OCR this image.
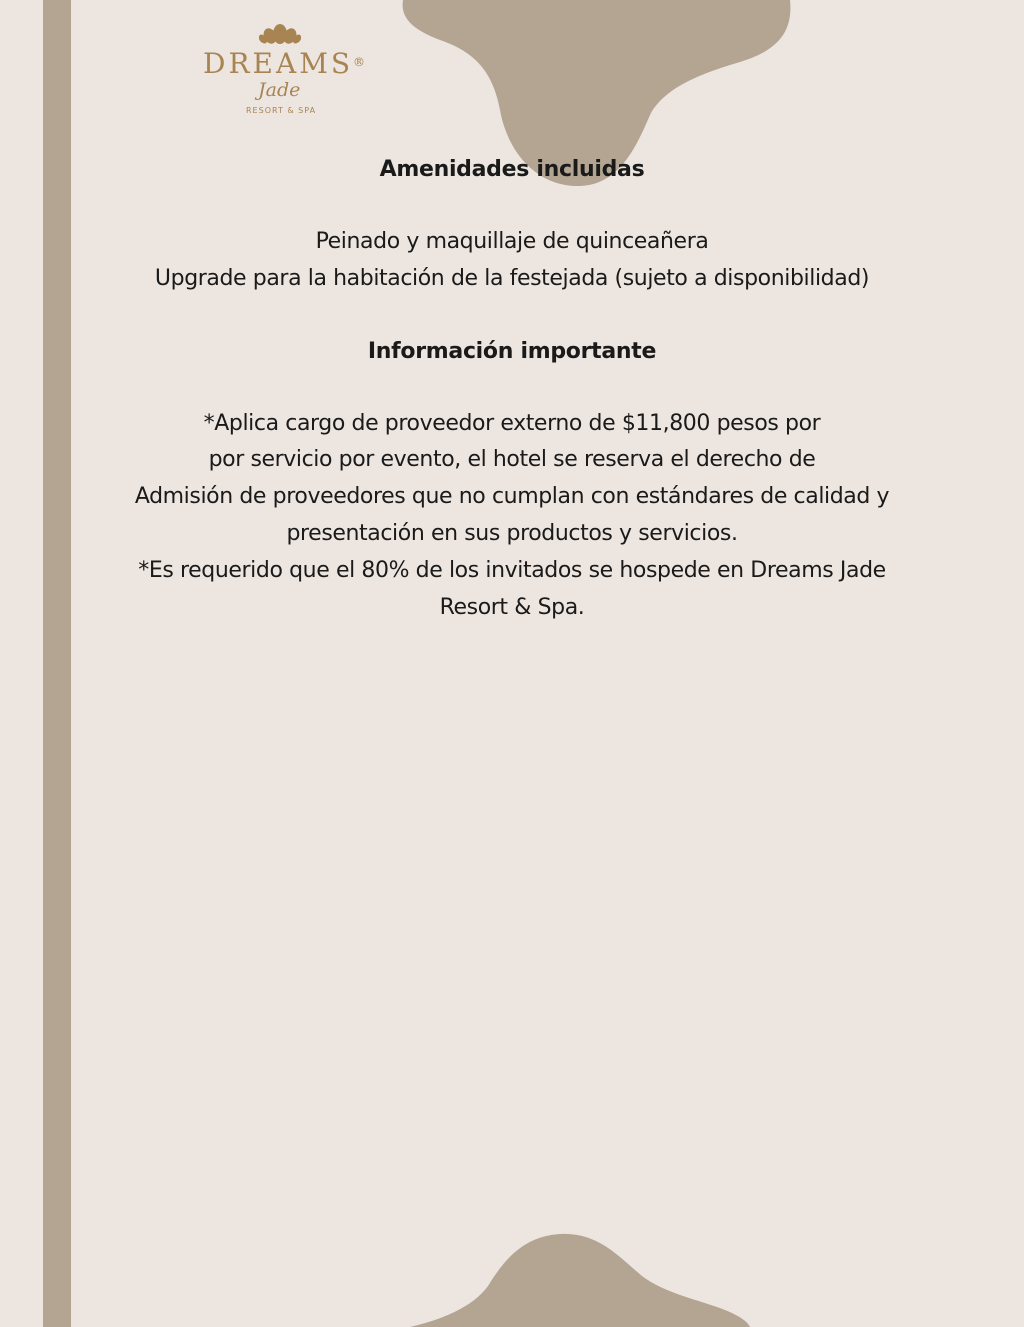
DREAMS®
Jade
RESORT & SPA
Amenidades incluidas

Peinado y maquillaje de quinceañera

Upgrade para la habitación de la festejada (sujeto a disponibilidad)

Información importante

*Aplica cargo de proveedor externo de $11,800 pesos por

por servicio por evento, el hotel se reserva el derecho de

Admisión de proveedores que no cumplan con estándares de calidad y

presentación en sus productos y servicios.

*Es requerido que el 80% de los invitados se hospede en Dreams Jade

Resort & Spa.
